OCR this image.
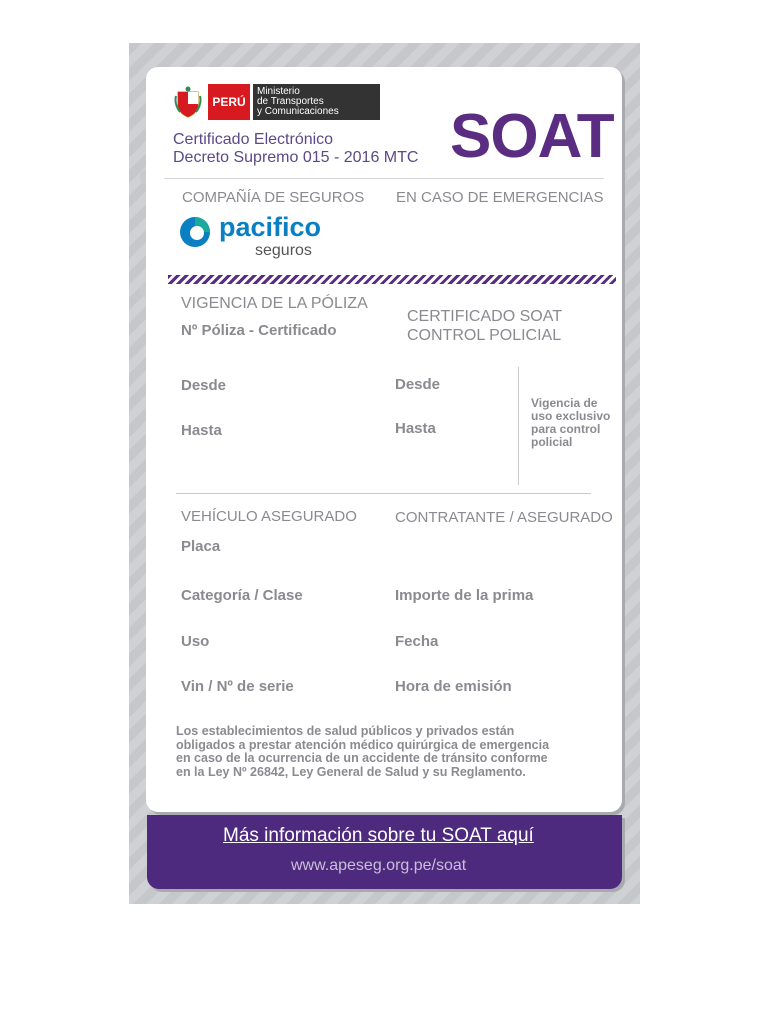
PERÚ
Ministerio
de Transportes
y Comunicaciones
Certificado Electrónico
Decreto Supremo 015 - 2016 MTC SOAT
COMPAÑÍA DE SEGUROS EN CASO DE EMERGENCIAS
pacifico
seguros
VIGENCIA DE LA PÓLIZA
Nº Póliza - Certificado
CERTIFICADO SOAT
CONTROL POLICIAL
Desde
Hasta
Desde
Hasta
Vigencia de
uso exclusivo
para control
policial
VEHÍCULO ASEGURADO
Placa
Categoría / Clase
Uso
Vin / Nº de serie
CONTRATANTE / ASEGURADO
Importe de la prima
Fecha
Hora de emisión
Los establecimientos de salud públicos y privados están
obligados a prestar atención médico quirúrgica de emergencia
en caso de la ocurrencia de un accidente de tránsito conforme
en la Ley Nº 26842, Ley General de Salud y su Reglamento.
Más información sobre tu SOAT aquí
www.apeseg.org.pe/soat
